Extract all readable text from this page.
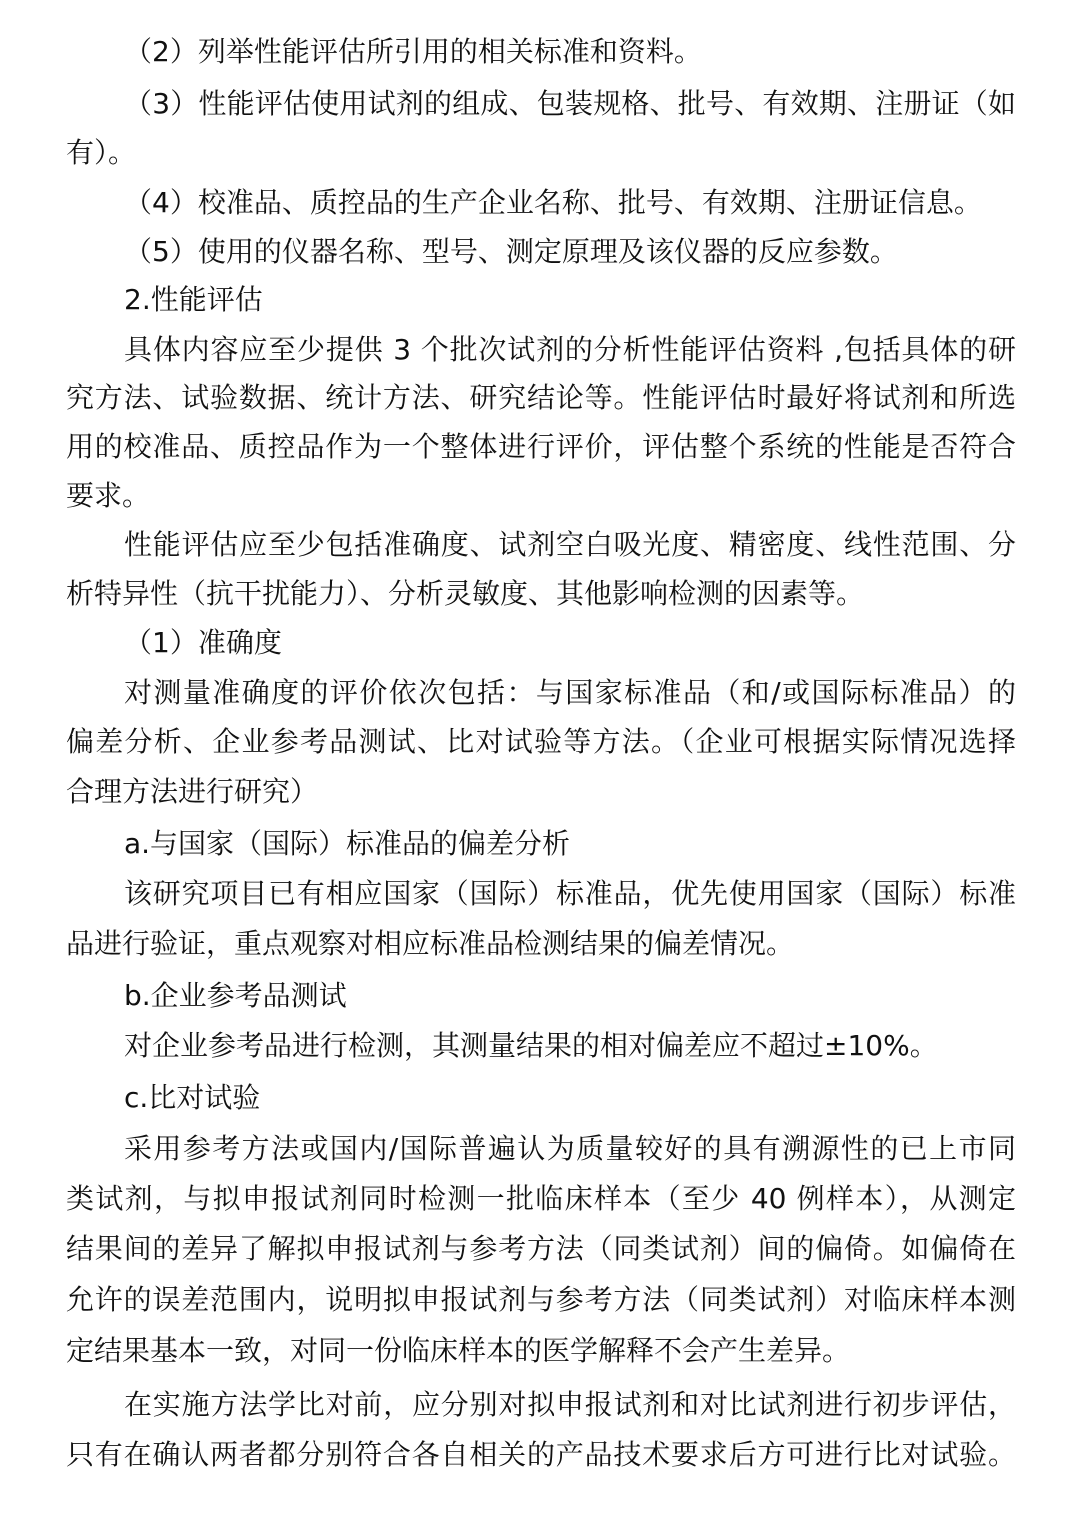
（2）列举性能评估所引用的相关标准和资料。
（3）性能评估使用试剂的组成、包装规格、批号、有效期、注册证（如
有）。
（4）校准品、质控品的生产企业名称、批号、有效期、注册证信息。
（5）使用的仪器名称、型号、测定原理及该仪器的反应参数。
2.性能评估
具体内容应至少提供 3 个批次试剂的分析性能评估资料 ,包括具体的研
究方法、试验数据、统计方法、研究结论等。性能评估时最好将试剂和所选
用的校准品、质控品作为一个整体进行评价，评估整个系统的性能是否符合
要求。
性能评估应至少包括准确度、试剂空白吸光度、精密度、线性范围、分
析特异性（抗干扰能力）、分析灵敏度、其他影响检测的因素等。
（1）准确度
对测量准确度的评价依次包括：与国家标准品（和/或国际标准品）的
偏差分析、企业参考品测试、比对试验等方法。（企业可根据实际情况选择
合理方法进行研究）
a.与国家（国际）标准品的偏差分析
该研究项目已有相应国家（国际）标准品，优先使用国家（国际）标准
品进行验证，重点观察对相应标准品检测结果的偏差情况。
b.企业参考品测试
对企业参考品进行检测，其测量结果的相对偏差应不超过±10%。
c.比对试验
采用参考方法或国内/国际普遍认为质量较好的具有溯源性的已上市同
类试剂，与拟申报试剂同时检测一批临床样本（至少 40 例样本），从测定
结果间的差异了解拟申报试剂与参考方法（同类试剂）间的偏倚。如偏倚在
允许的误差范围内，说明拟申报试剂与参考方法（同类试剂）对临床样本测
定结果基本一致，对同一份临床样本的医学解释不会产生差异。
在实施方法学比对前，应分别对拟申报试剂和对比试剂进行初步评估，
只有在确认两者都分别符合各自相关的产品技术要求后方可进行比对试验。
